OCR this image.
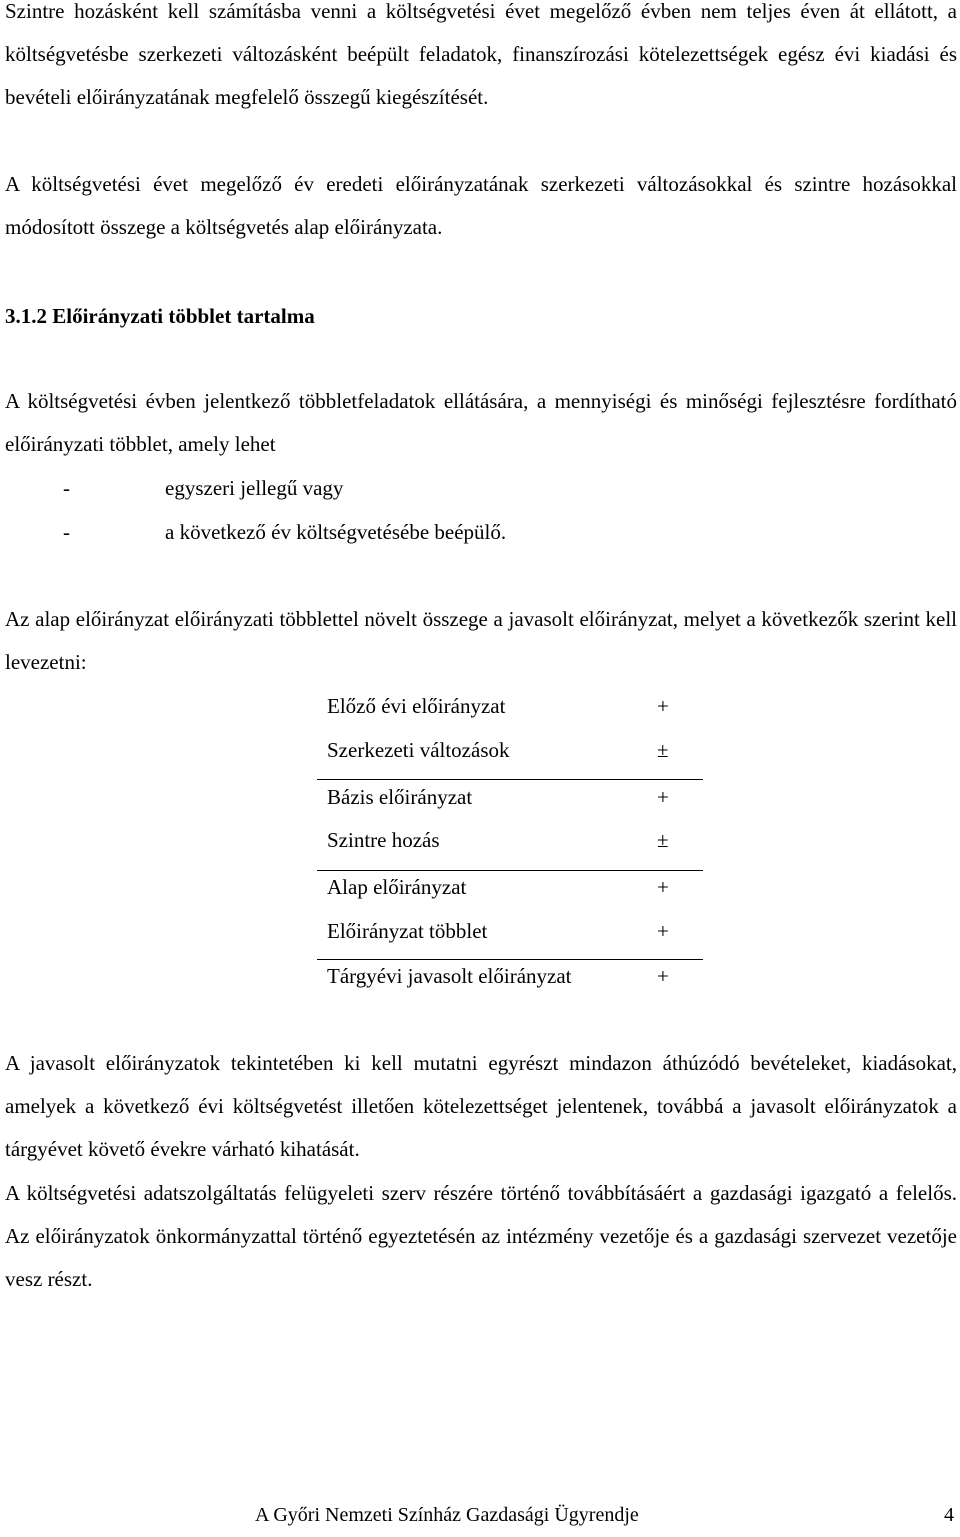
Szintre hozásként kell számításba venni a költségvetési évet megelőző évben nem teljes éven át ellátott, a költségvetésbe szerkezeti változásként beépült feladatok, finanszírozási kötelezettségek egész évi kiadási és bevételi előirányzatának megfelelő összegű kiegészítését.

A költségvetési évet megelőző év eredeti előirányzatának szerkezeti változásokkal és szintre hozásokkal módosított összege a költségvetés alap előirányzata.

3.1.2 Előirányzati többlet tartalma

A költségvetési évben jelentkező többletfeladatok ellátására, a mennyiségi és minőségi fejlesztésre fordítható előirányzati többlet, amely lehet

-	egyszeri jellegű vagy
-	a következő év költségvetésébe beépülő.

Az alap előirányzat előirányzati többlettel növelt összege a javasolt előirányzat, melyet a következők szerint kell levezetni:

Előző évi előirányzat	+
Szerkezeti változások	±
Bázis előirányzat	+
Szintre hozás	±
Alap előirányzat	+
Előirányzat többlet	+
Tárgyévi javasolt előirányzat	+

A javasolt előirányzatok tekintetében ki kell mutatni egyrészt mindazon áthúzódó bevételeket, kiadásokat, amelyek a következő évi költségvetést illetően kötelezettséget jelentenek, továbbá a javasolt előirányzatok a tárgyévet követő évekre várható kihatását.

A költségvetési adatszolgáltatás felügyeleti szerv részére történő továbbításáért a gazdasági igazgató a felelős. Az előirányzatok önkormányzattal történő egyeztetésén az intézmény vezetője és a gazdasági szervezet vezetője vesz részt.

A Győri Nemzeti Színház Gazdasági Ügyrendje	4
